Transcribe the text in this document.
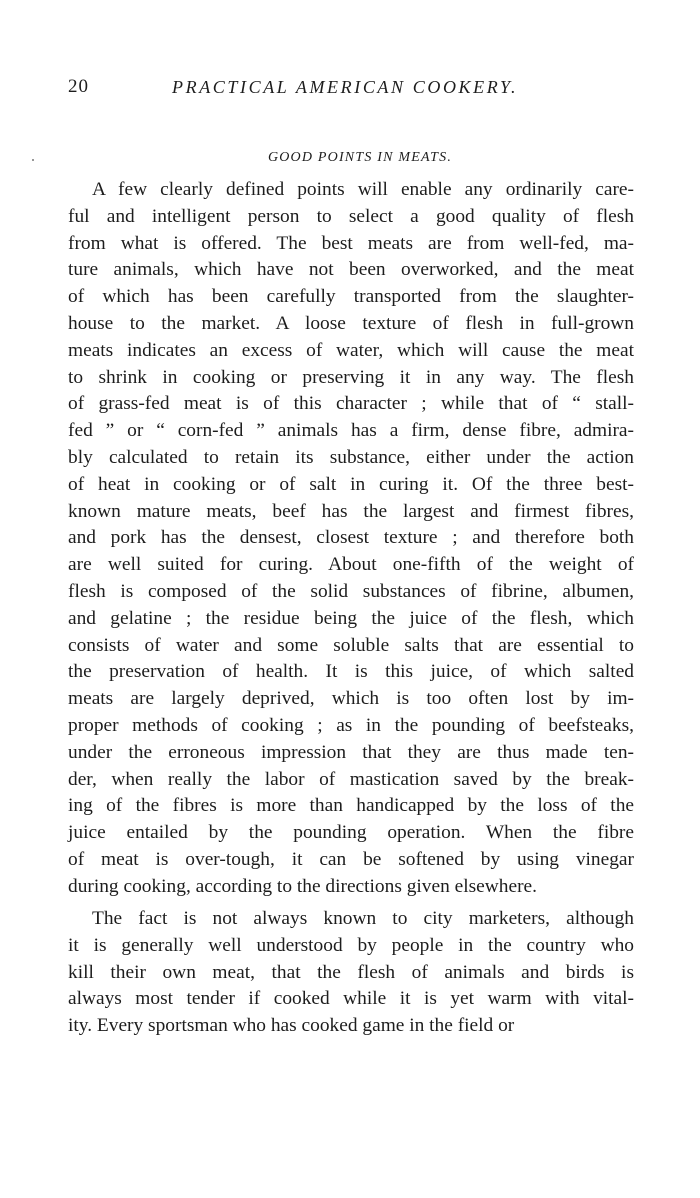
20	PRACTICAL AMERICAN COOKERY.
GOOD POINTS IN MEATS.
A few clearly defined points will enable any ordinarily care-
ful and intelligent person to select a good quality of flesh
from what is offered. The best meats are from well-fed, ma-
ture animals, which have not been overworked, and the meat
of which has been carefully transported from the slaughter-
house to the market. A loose texture of flesh in full-grown
meats indicates an excess of water, which will cause the meat
to shrink in cooking or preserving it in any way. The flesh
of grass-fed meat is of this character ; while that of “ stall-
fed ” or “ corn-fed ” animals has a firm, dense fibre, admira-
bly calculated to retain its substance, either under the action
of heat in cooking or of salt in curing it. Of the three best-
known mature meats, beef has the largest and firmest fibres,
and pork has the densest, closest texture ; and therefore both
are well suited for curing. About one-fifth of the weight of
flesh is composed of the solid substances of fibrine, albumen,
and gelatine ; the residue being the juice of the flesh, which
consists of water and some soluble salts that are essential to
the preservation of health. It is this juice, of which salted
meats are largely deprived, which is too often lost by im-
proper methods of cooking ; as in the pounding of beefsteaks,
under the erroneous impression that they are thus made ten-
der, when really the labor of mastication saved by the break-
ing of the fibres is more than handicapped by the loss of the
juice entailed by the pounding operation. When the fibre
of meat is over-tough, it can be softened by using vinegar
during cooking, according to the directions given elsewhere.
The fact is not always known to city marketers, although
it is generally well understood by people in the country who
kill their own meat, that the flesh of animals and birds is
always most tender if cooked while it is yet warm with vital-
ity. Every sportsman who has cooked game in the field or
